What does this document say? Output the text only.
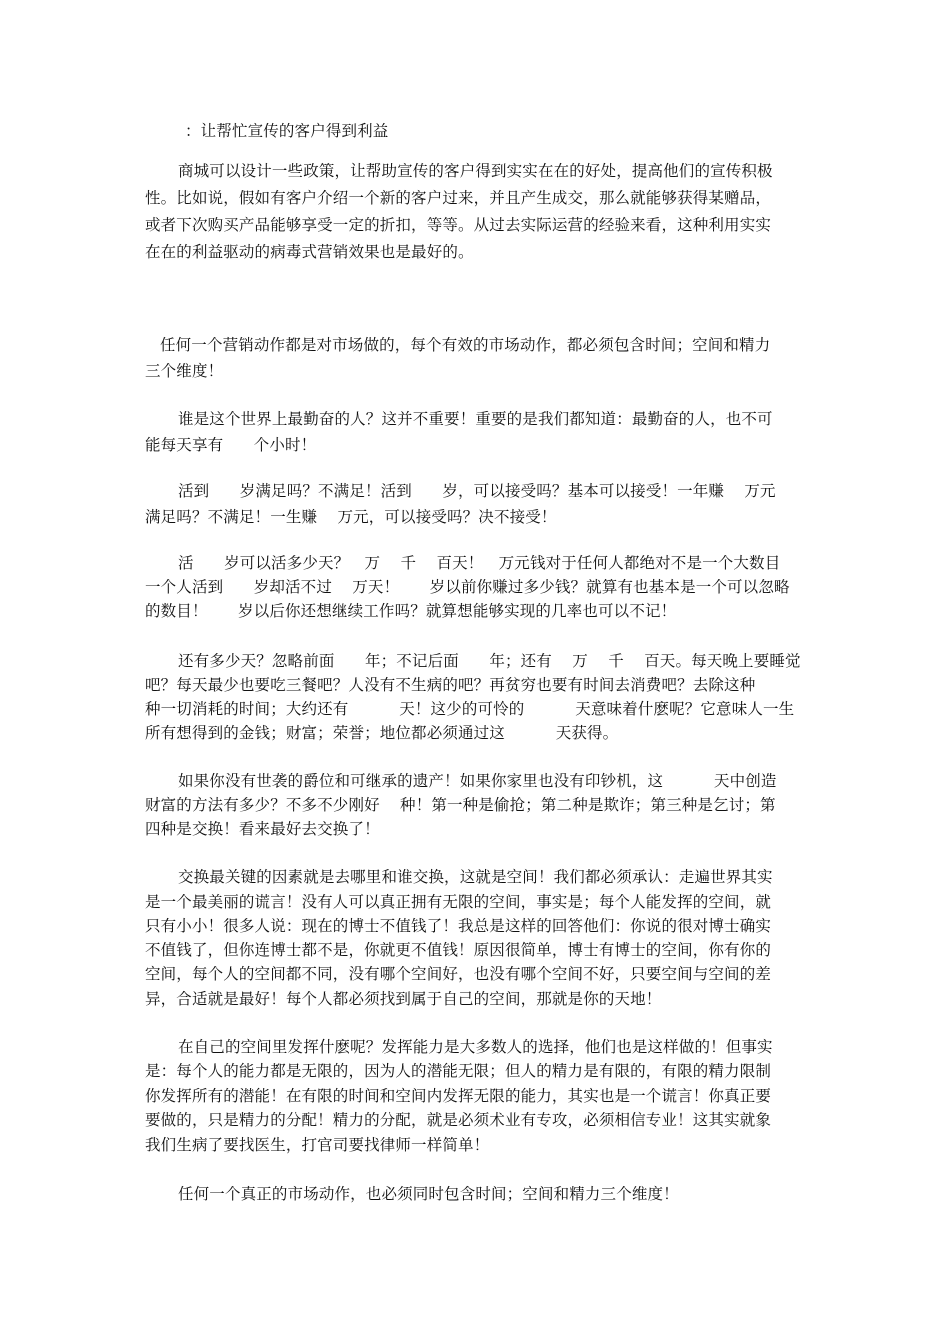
：让帮忙宣传的客户得到利益
商城可以设计一些政策，让帮助宣传的客户得到实实在在的好处，提高他们的宣传积极
性。比如说，假如有客户介绍一个新的客户过来，并且产生成交，那么就能够获得某赠品，
或者下次购买产品能够享受一定的折扣，等等。从过去实际运营的经验来看，这种利用实实
在在的利益驱动的病毒式营销效果也是最好的。
任何一个营销动作都是对市场做的，每个有效的市场动作，都必须包含时间；空间和精力
三个维度！
谁是这个世界上最勤奋的人？这并不重要！重要的是我们都知道：最勤奋的人，也不可
能每天享有      个小时！
活到      岁满足吗？不满足！活到      岁，可以接受吗？基本可以接受！一年赚    万元
满足吗？不满足！一生赚    万元，可以接受吗？决不接受！
活      岁可以活多少天？   万    千    百天！   万元钱对于任何人都绝对不是一个大数目
一个人活到      岁却活不过    万天！      岁以前你赚过多少钱？就算有也基本是一个可以忽略
的数目！      岁以后你还想继续工作吗？就算想能够实现的几率也可以不记！
还有多少天？忽略前面      年；不记后面      年；还有    万    千    百天。每天晚上要睡觉
吧？每天最少也要吃三餐吧？人没有不生病的吧？再贫穷也要有时间去消费吧？去除这种
种一切消耗的时间；大约还有          天！这少的可怜的          天意味着什麽呢？它意味人一生
所有想得到的金钱；财富；荣誉；地位都必须通过这          天获得。
如果你没有世袭的爵位和可继承的遗产！如果你家里也没有印钞机，这          天中创造
财富的方法有多少？不多不少刚好    种！第一种是偷抢；第二种是欺诈；第三种是乞讨；第
四种是交换！看来最好去交换了！
交换最关键的因素就是去哪里和谁交换，这就是空间！我们都必须承认：走遍世界其实
是一个最美丽的谎言！没有人可以真正拥有无限的空间，事实是；每个人能发挥的空间，就
只有小小！很多人说：现在的博士不值钱了！我总是这样的回答他们：你说的很对博士确实
不值钱了，但你连博士都不是，你就更不值钱！原因很简单，博士有博士的空间，你有你的
空间，每个人的空间都不同，没有哪个空间好，也没有哪个空间不好，只要空间与空间的差
异，合适就是最好！每个人都必须找到属于自己的空间，那就是你的天地！
在自己的空间里发挥什麽呢？发挥能力是大多数人的选择，他们也是这样做的！但事实
是：每个人的能力都是无限的，因为人的潜能无限；但人的精力是有限的，有限的精力限制
你发挥所有的潜能！在有限的时间和空间内发挥无限的能力，其实也是一个谎言！你真正要
要做的，只是精力的分配！精力的分配，就是必须术业有专攻，必须相信专业！这其实就象
我们生病了要找医生，打官司要找律师一样简单！
任何一个真正的市场动作，也必须同时包含时间；空间和精力三个维度！
